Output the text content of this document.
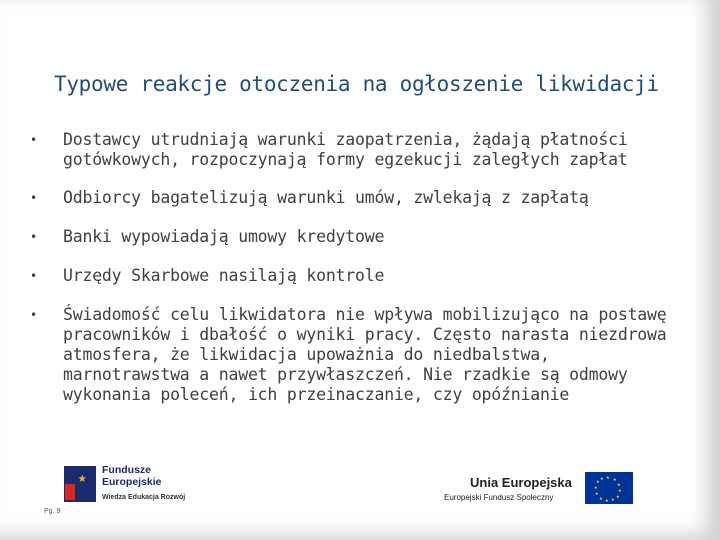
Typowe reakcje otoczenia na ogłoszenie likwidacji
• Dostawcy utrudniają warunki zaopatrzenia, żądają płatności gotówkowych, rozpoczynają formy egzekucji zaległych zapłat
• Odbiorcy bagatelizują warunki umów, zwlekają z zapłatą
• Banki wypowiadają umowy kredytowe
• Urzędy Skarbowe nasilają kontrole
• Świadomość celu likwidatora nie wpływa mobilizująco na postawę pracowników i dbałość o wyniki pracy. Często narasta niezdrowa atmosfera, że likwidacja upoważnia do niedbalstwa, marnotrawstwa a nawet przywłaszczeń. Nie rzadkie są odmowy wykonania poleceń, ich przeinaczanie, czy opóźnianie
★ Fundusze
Europejskie
Wiedza Edukacja Rozwój
Unia Europejska
Europejski Fundusz Społeczny
★ ★
★
★
★
★
★
★
★
★
★ ★
Pg. 9
